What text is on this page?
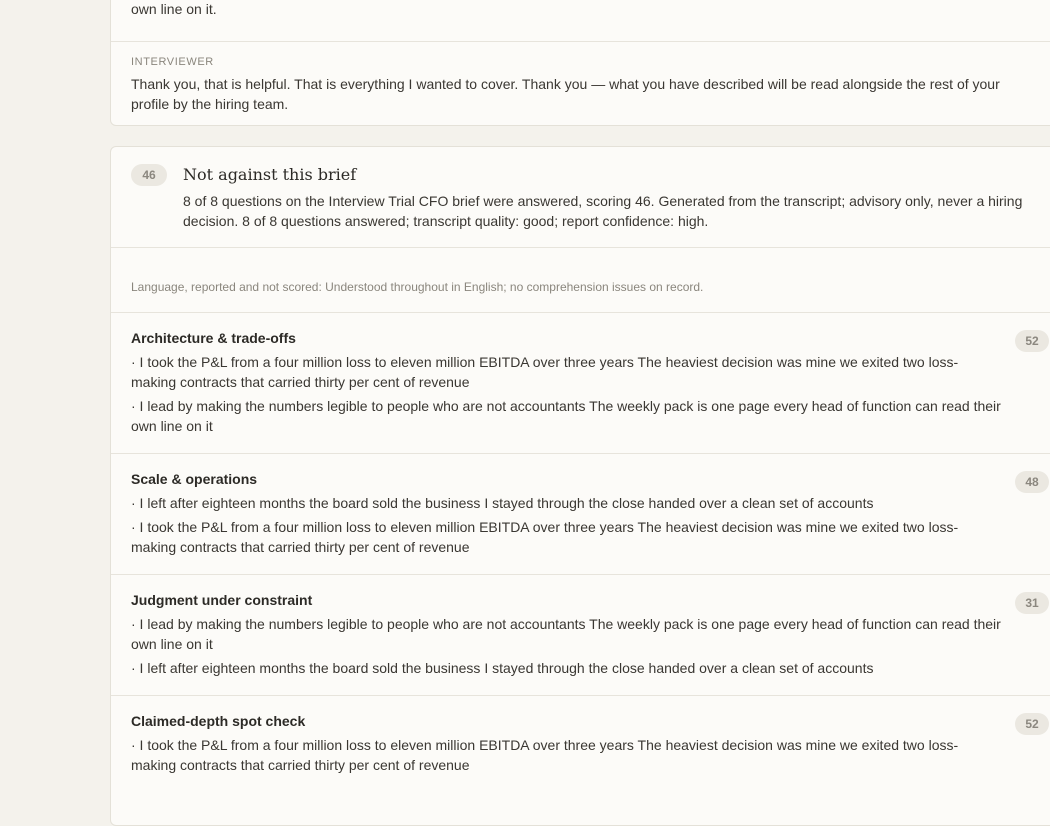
own line on it.

INTERVIEWER

Thank you, that is helpful. That is everything I wanted to cover. Thank you — what you have described will be read alongside the rest of your profile by the hiring team.

46	Not against this brief

8 of 8 questions on the Interview Trial CFO brief were answered, scoring 46. Generated from the transcript; advisory only, never a hiring decision. 8 of 8 questions answered; transcript quality: good; report confidence: high.

Language, reported and not scored: Understood throughout in English; no comprehension issues on record.

Architecture & trade-offs	52
· I took the P&L from a four million loss to eleven million EBITDA over three years The heaviest decision was mine we exited two loss-making contracts that carried thirty per cent of revenue
· I lead by making the numbers legible to people who are not accountants The weekly pack is one page every head of function can read their own line on it
Scale & operations	48
· I left after eighteen months the board sold the business I stayed through the close handed over a clean set of accounts
· I took the P&L from a four million loss to eleven million EBITDA over three years The heaviest decision was mine we exited two loss-making contracts that carried thirty per cent of revenue
Judgment under constraint	31
· I lead by making the numbers legible to people who are not accountants The weekly pack is one page every head of function can read their own line on it
· I left after eighteen months the board sold the business I stayed through the close handed over a clean set of accounts
Claimed-depth spot check	52
· I took the P&L from a four million loss to eleven million EBITDA over three years The heaviest decision was mine we exited two loss-making contracts that carried thirty per cent of revenue
